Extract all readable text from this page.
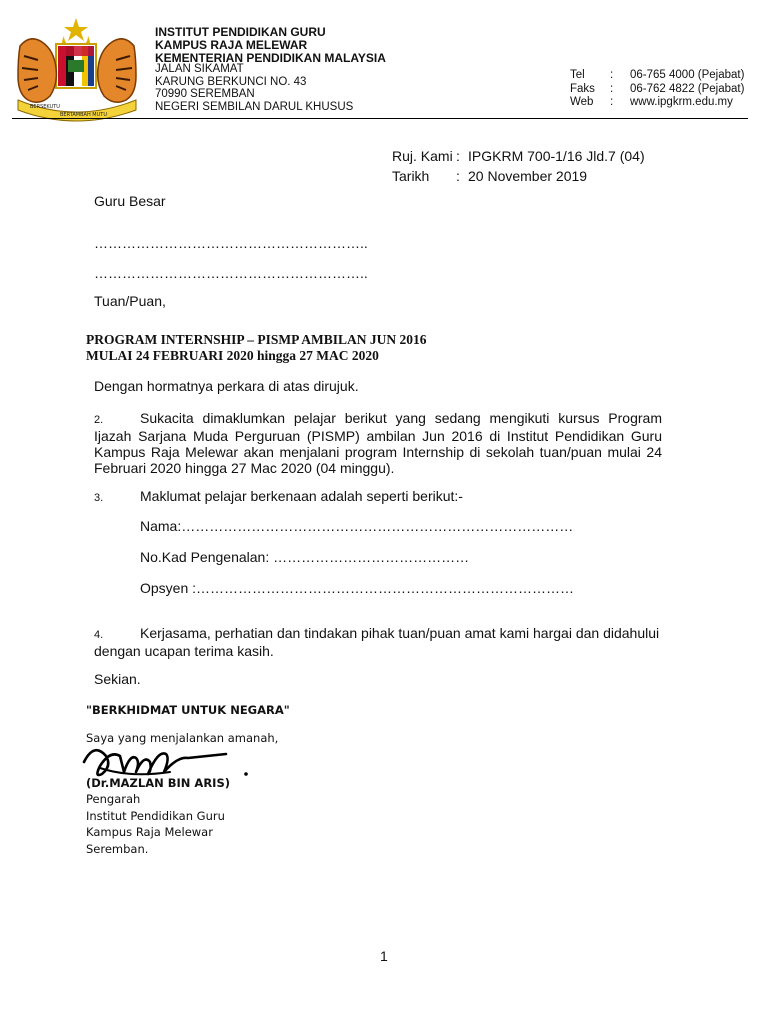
BERSEKUTU
BERTAMBAH MUTU
INSTITUT PENDIDIKAN GURU
KAMPUS RAJA MELEWAR
KEMENTERIAN PENDIDIKAN MALAYSIA
JALAN SIKAMAT
KARUNG BERKUNCI NO. 43
70990 SEREMBAN
NEGERI SEMBILAN DARUL KHUSUS
Tel	:	06-765 4000 (Pejabat)
Faks	:	06-762 4822 (Pejabat)
Web	:	www.ipgkrm.edu.my
Ruj. Kami : IPGKRM 700-1/16 Jld.7 (04)
Tarikh	: 20 November 2019
Guru Besar
…………………………………………………..
…………………………………………………..
Tuan/Puan,
PROGRAM INTERNSHIP – PISMP AMBILAN JUN 2016
MULAI 24 FEBRUARI 2020 hingga 27 MAC 2020
Dengan hormatnya perkara di atas dirujuk.
2.	Sukacita dimaklumkan pelajar berikut yang sedang mengikuti kursus Program Ijazah Sarjana Muda Perguruan (PISMP) ambilan Jun 2016 di Institut Pendidikan Guru Kampus Raja Melewar akan menjalani program Internship di sekolah tuan/puan mulai 24 Februari 2020 hingga 27 Mac 2020 (04 minggu).
3.	Maklumat pelajar berkenaan adalah seperti berikut:-
Nama:…………………………………………………………………………
No.Kad Pengenalan: ……………………………………
Opsyen :………………………………………………………………………
4.	Kerjasama, perhatian dan tindakan pihak tuan/puan amat kami hargai dan didahului dengan ucapan terima kasih.
Sekian.
"BERKHIDMAT UNTUK NEGARA"
Saya yang menjalankan amanah,
(Dr.MAZLAN BIN ARIS)
Pengarah
Institut Pendidikan Guru
Kampus Raja Melewar
Seremban.
1
